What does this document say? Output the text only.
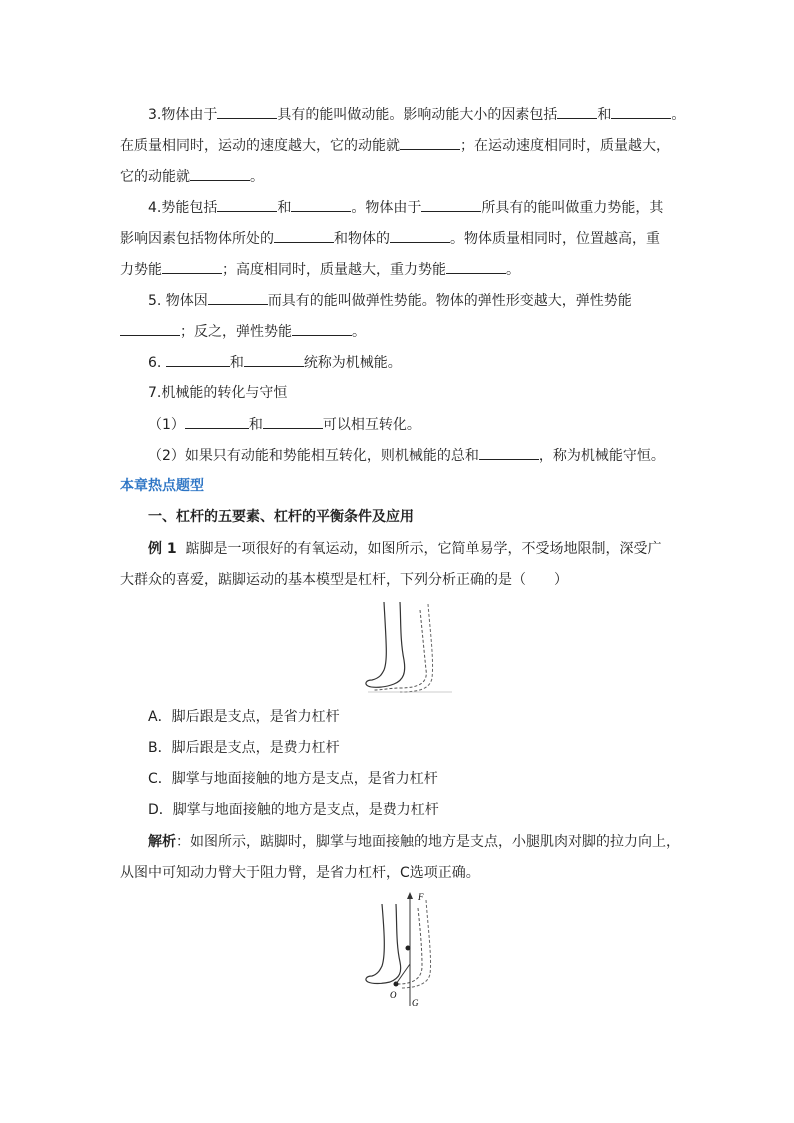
3.物体由于	具有的能叫做动能。影响动能大小的因素包括	和	。
在质量相同时，运动的速度越大，它的动能就	；在运动速度相同时，质量越大，
它的动能就	。
4.势能包括	和	。物体由于	所具有的能叫做重力势能，其
影响因素包括物体所处的	和物体的	。物体质量相同时，位置越高，重
力势能	；高度相同时，质量越大，重力势能	。
5. 物体因	而具有的能叫做弹性势能。物体的弹性形变越大，弹性势能
；反之，弹性势能	。
6.	和	统称为机械能。
7.机械能的转化与守恒
（1）	和	可以相互转化。
（2）如果只有动能和势能相互转化，则机械能的总和	，称为机械能守恒。
本章热点题型
一、杠杆的五要素、杠杆的平衡条件及应用
例 1 踮脚是一项很好的有氧运动，如图所示，它简单易学，不受场地限制，深受广
大群众的喜爱，踮脚运动的基本模型是杠杆，下列分析正确的是（　　）
A．脚后跟是支点，是省力杠杆
B．脚后跟是支点，是费力杠杆
C．脚掌与地面接触的地方是支点，是省力杠杆
D．脚掌与地面接触的地方是支点，是费力杠杆
解析：如图所示，踮脚时，脚掌与地面接触的地方是支点，小腿肌肉对脚的拉力向上，
从图中可知动力臂大于阻力臂，是省力杠杆，C选项正确。
F
O
G
